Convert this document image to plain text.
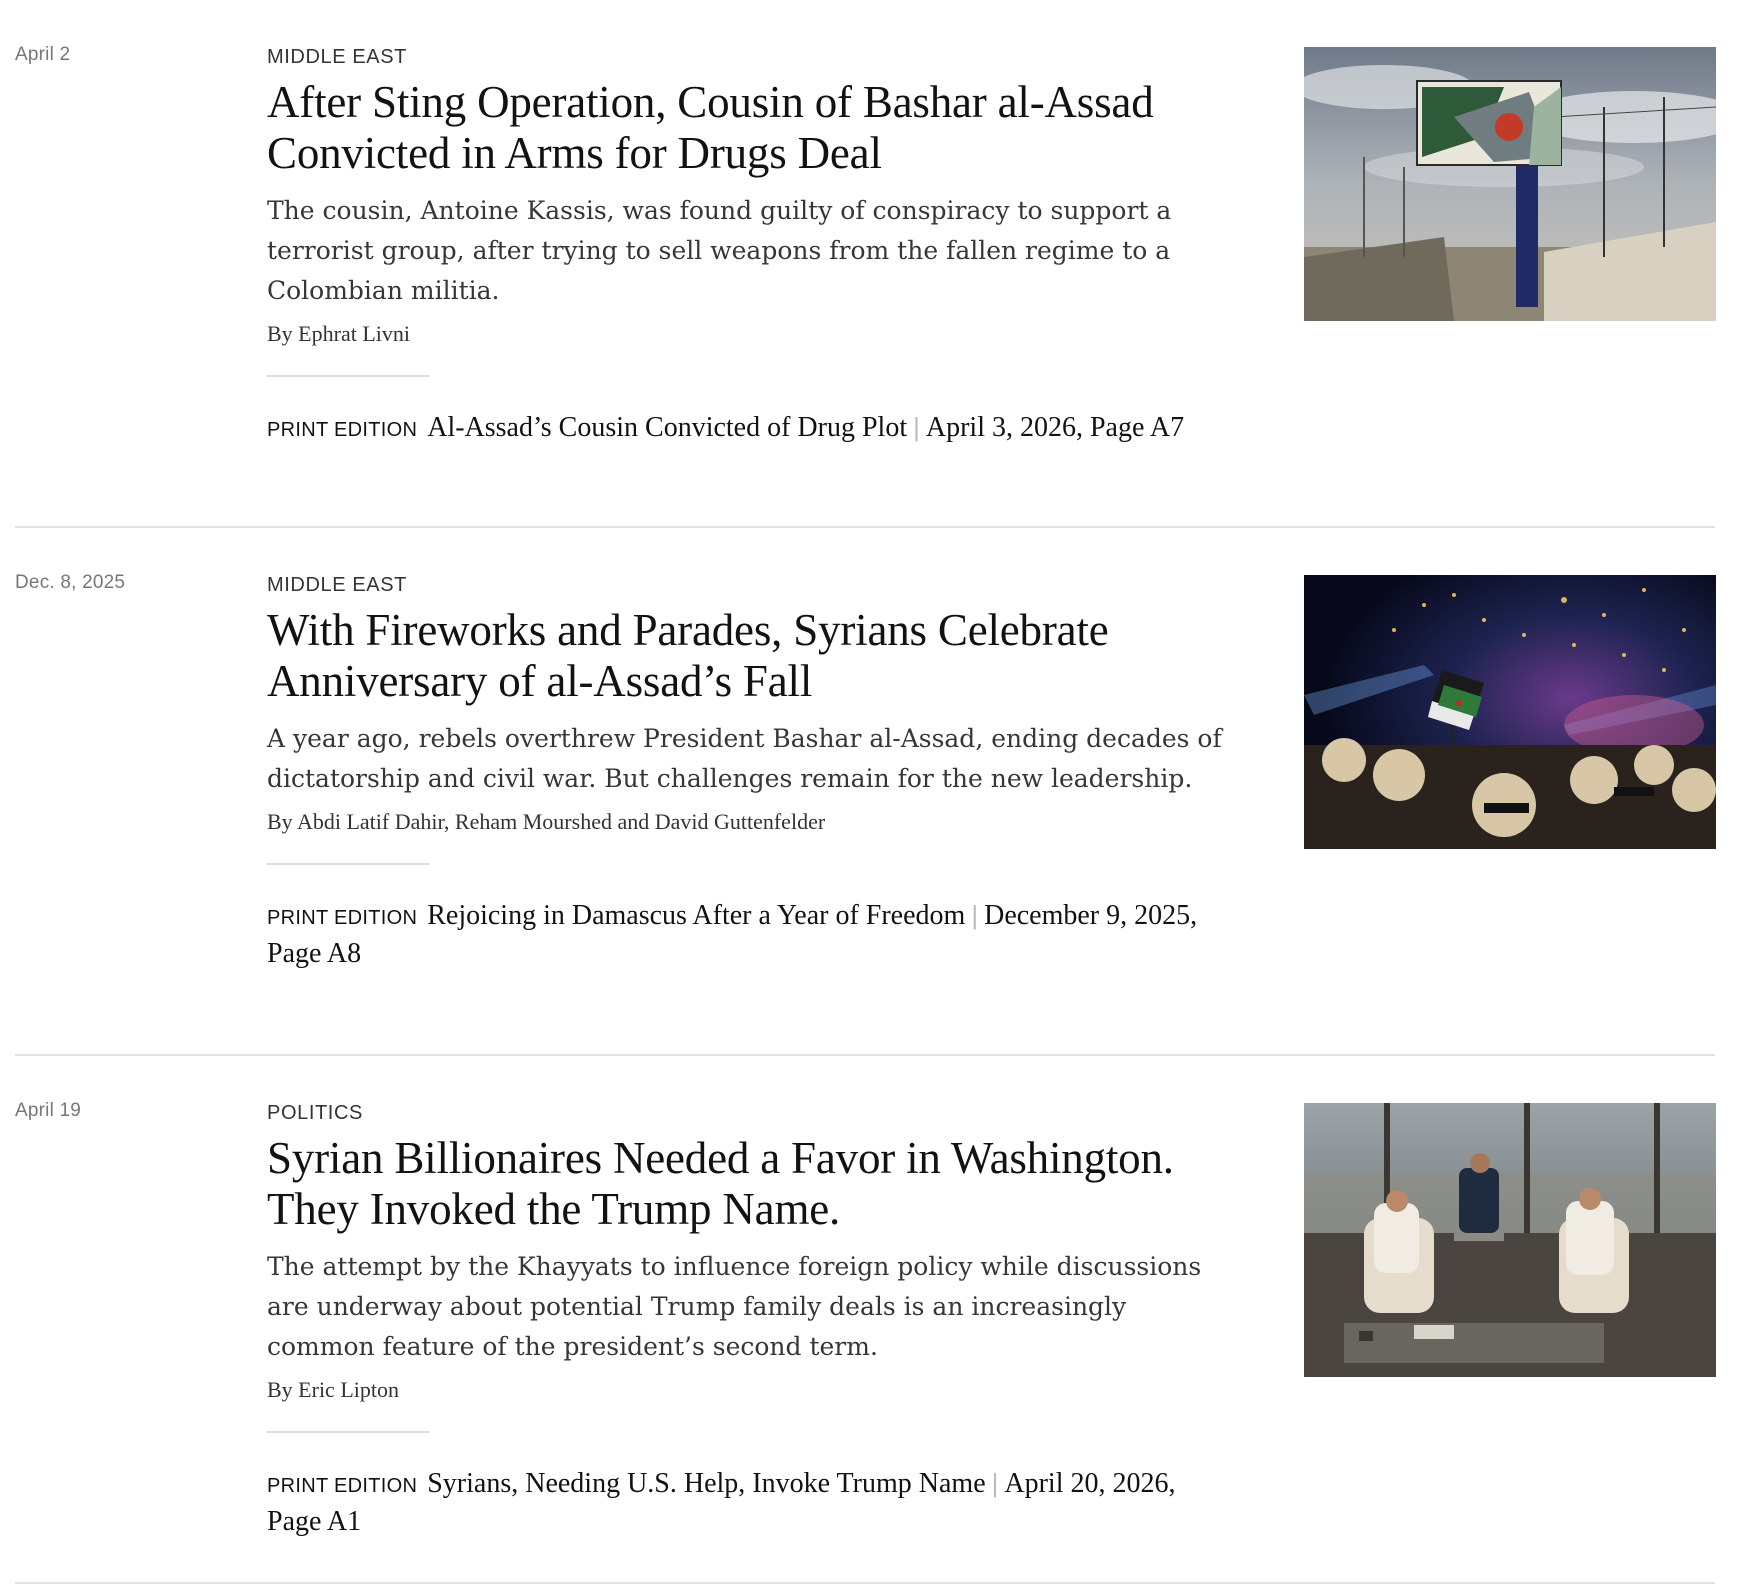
April 2	MIDDLE EAST
After Sting Operation, Cousin of Bashar al-Assad Convicted in Arms for Drugs Deal

The cousin, Antoine Kassis, was found guilty of conspiracy to support a terrorist group, after trying to sell weapons from the fallen regime to a Colombian militia.

By Ephrat Livni

PRINT EDITION Al-Assad’s Cousin Convicted of Drug Plot | April 3, 2026, Page A7

Dec. 8, 2025	MIDDLE EAST
With Fireworks and Parades, Syrians Celebrate Anniversary of al-Assad’s Fall

A year ago, rebels overthrew President Bashar al-Assad, ending decades of dictatorship and civil war. But challenges remain for the new leadership.

By Abdi Latif Dahir, Reham Mourshed and David Guttenfelder

PRINT EDITION Rejoicing in Damascus After a Year of Freedom | December 9, 2025, Page A8

April 19	POLITICS
Syrian Billionaires Needed a Favor in Washington. They Invoked the Trump Name.

The attempt by the Khayyats to influence foreign policy while discussions are underway about potential Trump family deals is an increasingly common feature of the president’s second term.

By Eric Lipton

PRINT EDITION Syrians, Needing U.S. Help, Invoke Trump Name | April 20, 2026, Page A1
